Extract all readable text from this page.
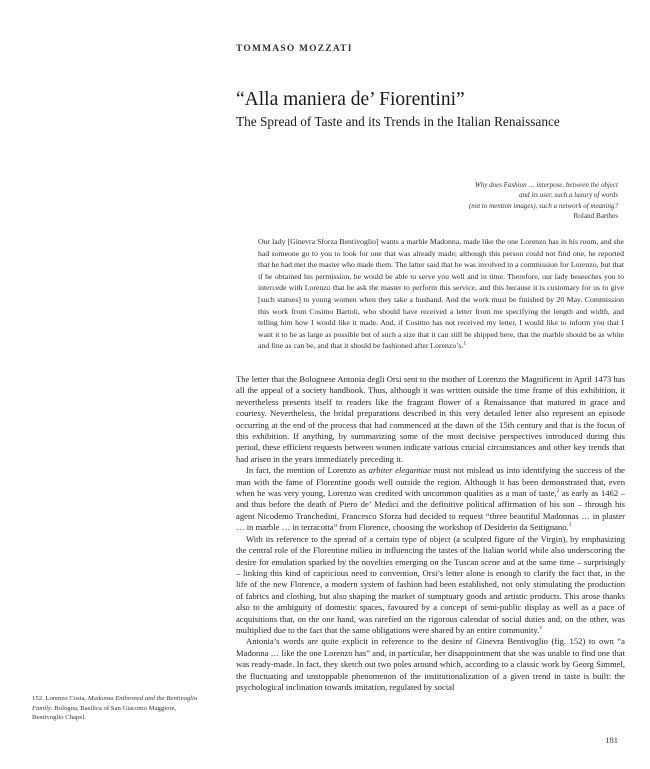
TOMMASO MOZZATI
“Alla maniera de’ Fiorentini”
The Spread of Taste and its Trends in the Italian Renaissance
Why does Fashion … interpose, between the object
and its user, such a luxury of words
(not to mention images), such a network of meaning?
Roland Barthes

Our lady [Ginevra Sforza Bentivoglio] wants a marble Madonna, made like the one Lorenzo has in his room, and she had someone go to you to look for one that was already made; although this person could not find one, he reported that he had met the master who made them. The latter said that he was involved in a commission for Lorenzo, but that if he obtained his permission, he would be able to serve you well and in time. Therefore, our lady beseeches you to intercede with Lorenzo that he ask the master to perform this service, and this because it is customary for us to give [such statues] to young women when they take a husband. And the work must be finished by 20 May. Commission this work from Cosimo Bartoli, who should have received a letter from me specifying the length and width, and telling him how I would like it made. And, if Cosimo has not received my letter, I would like to inform you that I want it to be as large as possible but of such a size that it can still be shipped here, that the marble should be as white and fine as can be, and that it should be fashioned after Lorenzo’s.$^1$

The letter that the Bolognese Antonia degli Orsi sent to the mother of Lorenzo the Magnificent in April 1473 has all the appeal of a society handbook. Thus, although it was written outside the time frame of this exhibition, it nevertheless presents itself to readers like the fragrant flower of a Renaissance that matured in grace and courtesy. Nevertheless, the bridal preparations described in this very detailed letter also represent an episode occurring at the end of the process that had commenced at the dawn of the 15th century and that is the focus of this exhibition. If anything, by summarizing some of the most decisive perspectives introduced during this period, these efficient requests between women indicate various crucial circumstances and other key trends that had arisen in the years immediately preceding it.

In fact, the mention of Lorenzo as arbiter elegantiae must not mislead us into identifying the success of the man with the fame of Florentine goods well outside the region. Although it has been demonstrated that, even when he was very young, Lorenzo was credited with uncommon qualities as a man of taste,$^2$ as early as 1462 – and thus before the death of Piero de’ Medici and the definitive political affirmation of his son – through his agent Nicodemo Tranchedini, Francesco Sforza had decided to request “three beautiful Madonnas … in plaster … in marble … in terracotta” from Florence, choosing the workshop of Desiderio da Settignano.$^3$

With its reference to the spread of a certain type of object (a sculpted figure of the Virgin), by emphasizing the central role of the Florentine milieu in influencing the tastes of the Italian world while also underscoring the desire for emulation sparked by the novelties emerging on the Tuscan scene and at the same time – surprisingly – linking this kind of capricious need to convention, Orsi’s letter alone is enough to clarify the fact that, in the life of the new Florence, a modern system of fashion had been established, not only stimulating the production of fabrics and clothing, but also shaping the market of sumptuary goods and artistic products. This arose thanks also to the ambiguity of domestic spaces, favoured by a concept of semi-public display as well as a pace of acquisitions that, on the one hand, was rarefied on the rigorous calendar of social duties and, on the other, was multiplied due to the fact that the same obligations were shared by an entire community.$^4$

Antonia’s words are quite explicit in reference to the desire of Ginevra Bentivoglio (fig. 152) to own “a Madonna … like the one Lorenzo has” and, in particular, her disappointment that she was unable to find one that was ready-made. In fact, they sketch out two poles around which, according to a classic work by Georg Simmel, the fluctuating and unstoppable phenomenon of the institutionalization of a given trend in taste is built: the psychological inclination towards imitation, regulated by social

152. Lorenzo Costa, Madonna Enthroned and the Bentivoglio Family. Bologna, Basilica of San Giacomo Maggiore, Bentivoglio Chapel.

181
